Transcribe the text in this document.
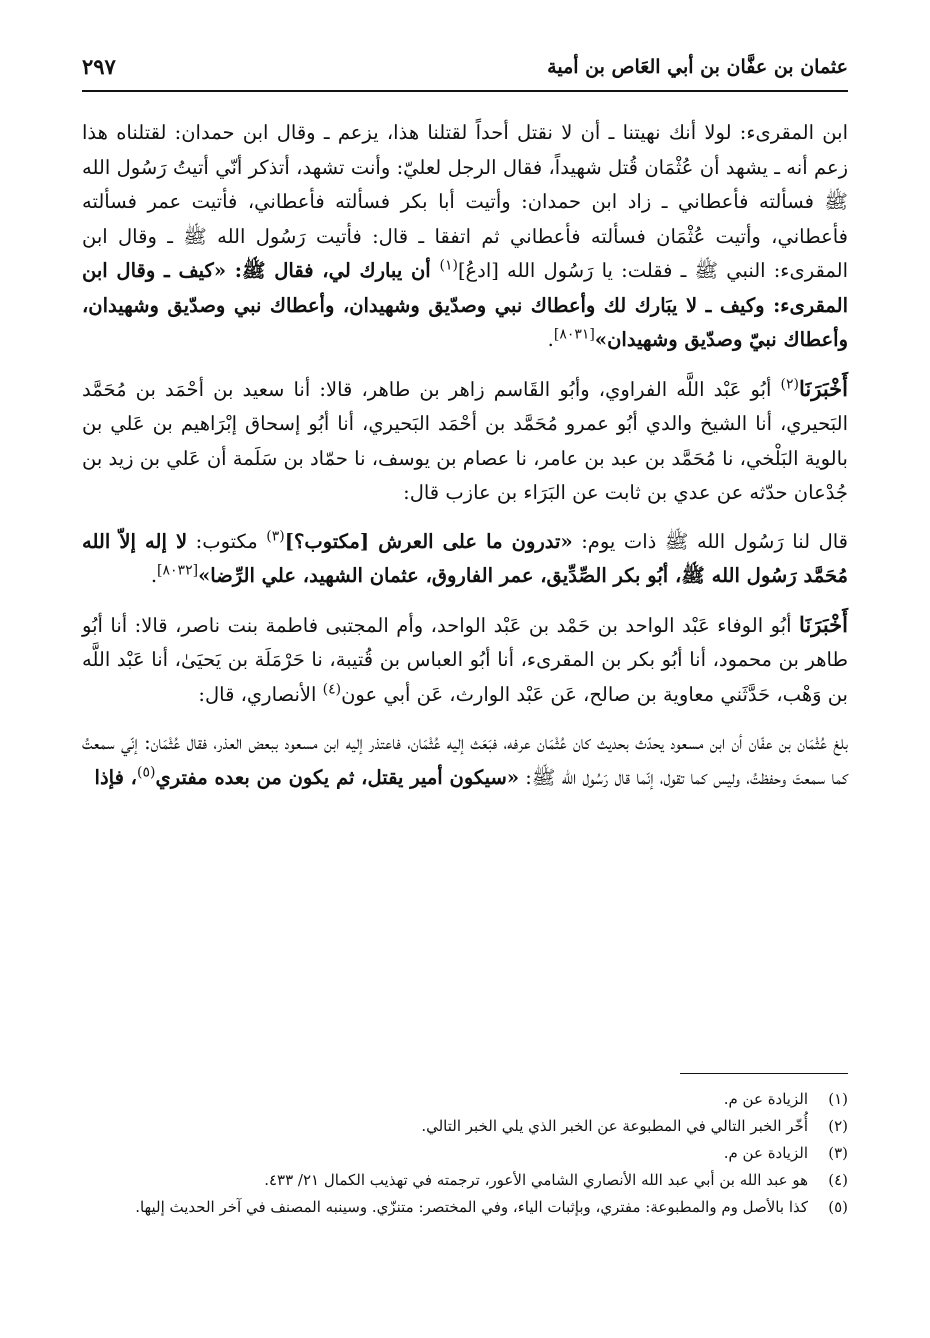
عثمان بن عفَّان بن أبي العَاص بن أمية
٢٩٧

ابن المقرىء: لولا أنك نهيتنا ـ أن لا نقتل أحداً لقتلنا هذا، يزعم ـ وقال ابن حمدان: لقتلناه هذا زعم أنه ـ يشهد أن عُثْمَان قُتل شهيداً، فقال الرجل لعليّ: وأنت تشهد، أتذكر أنّي أتيتُ رَسُول الله ﷺ فسألته فأعطاني ـ زاد ابن حمدان: وأتيت أبا بكر فسألته فأعطاني، فأتيت عمر فسألته فأعطاني، وأتيت عُثْمَان فسألته فأعطاني ثم اتفقا ـ قال: فأتيت رَسُول الله ﷺ ـ وقال ابن المقرىء: النبي ﷺ ـ فقلت: يا رَسُول الله [ادعُ]$^{(١)}$ أن يبارك لي، فقال ﷺ: «كيف ـ وقال ابن المقرىء: وكيف ـ لا يبَارك لك وأعطاك نبي وصدّيق وشهيدان، وأعطاك نبي وصدّيق وشهيدان، وأعطاك نبيّ وصدّيق وشهيدان»[٨٠٣١].

أَخْبَرَنَا$^{(٢)}$ أبُو عَبْد اللَّه الفراوي، وأبُو القَاسم زاهر بن طاهر، قالا: أنا سعيد بن أحْمَد بن مُحَمَّد البَحيري، أنا الشيخ والدي أبُو عمرو مُحَمَّد بن أحْمَد البَحيري، أنا أبُو إسحاق إبْرَاهيم بن عَلي بن بالوية البَلْخي، نا مُحَمَّد بن عبد بن عامر، نا عصام بن يوسف، نا حمّاد بن سَلَمة أن عَلي بن زيد بن جُدْعان حدّثه عن عدي بن ثابت عن البَرَاء بن عازب قال:

قال لنا رَسُول الله ﷺ ذات يوم: «تدرون ما على العرش [مكتوب؟]$^{(٣)}$ مكتوب: لا إله إلاّ الله مُحَمَّد رَسُول الله ﷺ، أبُو بكر الصِّدِّيق، عمر الفاروق، عثمان الشهيد، علي الرِّضا»[٨٠٣٢].

أَخْبَرَنَا أبُو الوفاء عَبْد الواحد بن حَمْد بن عَبْد الواحد، وأم المجتبى فاطمة بنت ناصر، قالا: أنا أبُو طاهر بن محمود، أنا أبُو بكر بن المقرىء، أنا أبُو العباس بن قُتيبة، نا حَرْمَلَة بن يَحيَىٰ، أنا عَبْد اللَّه بن وَهْب، حَدَّثَني معاوية بن صالح، عَن عَبْد الوارث، عَن أبي عون$^{(٤)}$ الأنصاري، قال:

بلغ عُثْمَان بن عفّان أن ابن مسعود يحدّث بحديث كان عُثْمَان عرفه، فبَعَث إليه عُثْمَان، فاعتذر إليه ابن مسعود ببعض العذر، فقال عُثْمَان: إنّي سمعتُ كما سمعتَ وحفظتُ، وليس كما تقول، إنّما قال رَسُول الله ﷺ: «سيكون أمير يقتل، ثم يكون من بعده مفتري$^{(٥)}$، فإذا

(١)
الزيادة عن م.
(٢)
أُخّر الخبر التالي في المطبوعة عن الخبر الذي يلي الخبر التالي.
(٣)
الزيادة عن م.
(٤)
هو عبد الله بن أبي عبد الله الأنصاري الشامي الأعور، ترجمته في تهذيب الكمال ٢١/ ٤٣٣.
(٥)
كذا بالأصل وم والمطبوعة: مفتري، وبإثبات الياء، وفي المختصر: متنزّي. وسينبه المصنف في آخر الحديث إليها.
